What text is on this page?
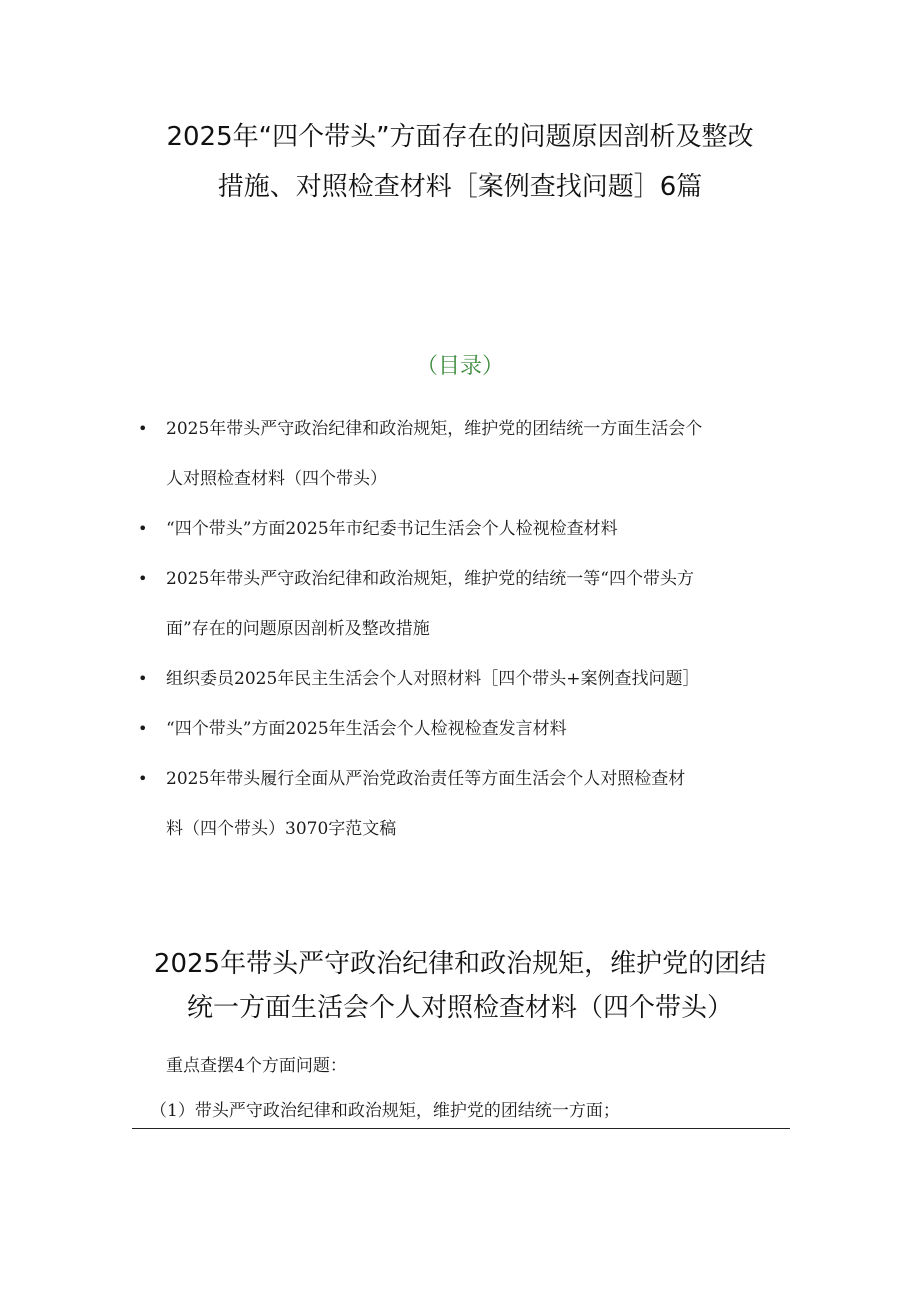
2025年“四个带头”方面存在的问题原因剖析及整改
措施、对照检查材料［案例查找问题］6篇
（目录）
• 2025年带头严守政治纪律和政治规矩，维护党的团结统一方面生活会个
人对照检查材料（四个带头）
• “四个带头”方面2025年市纪委书记生活会个人检视检查材料
• 2025年带头严守政治纪律和政治规矩，维护党的结统一等“四个带头方
面”存在的问题原因剖析及整改措施
• 组织委员2025年民主生活会个人对照材料［四个带头+案例查找问题］
• “四个带头”方面2025年生活会个人检视检查发言材料
• 2025年带头履行全面从严治党政治责任等方面生活会个人对照检查材
料（四个带头）3070字范文稿
2025年带头严守政治纪律和政治规矩，维护党的团结
统一方面生活会个人对照检查材料（四个带头）
重点查摆4个方面问题：
（1）带头严守政治纪律和政治规矩，维护党的团结统一方面；
